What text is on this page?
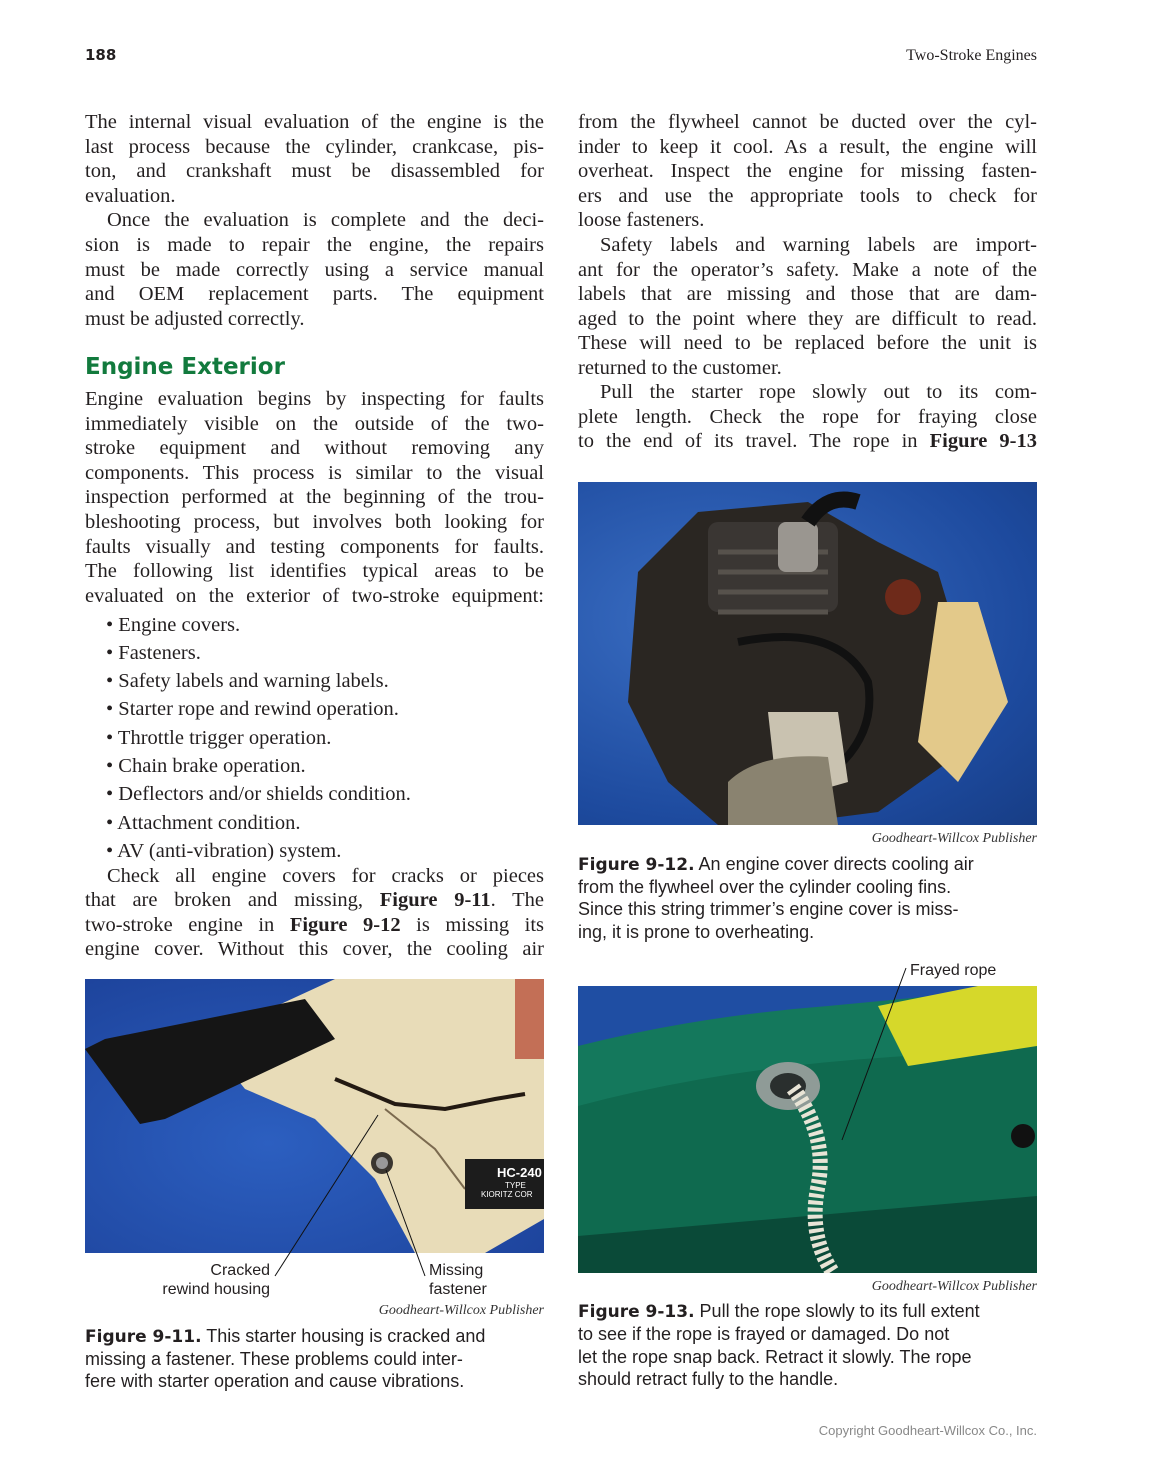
188	Two-Stroke Engines
Engine Exterior
Goodheart-Willcox Publisher
Goodheart-Willcox Publisher
Frayed rope
HC-240
TYPE
KIORITZ COR
Cracked
rewind housing
Missing
fastener
Goodheart-Willcox Publisher
Copyright Goodheart-Willcox Co., Inc.
The internal visual evaluation of the engine is the
last process because the cylinder, crankcase, pis-
ton, and crankshaft must be disassembled for
evaluation.
Once the evaluation is complete and the deci-
sion is made to repair the engine, the repairs
must be made correctly using a service manual
and OEM replacement parts. The equipment
must be adjusted correctly.
Engine evaluation begins by inspecting for faults
immediately visible on the outside of the two-
stroke equipment and without removing any
components. This process is similar to the visual
inspection performed at the beginning of the trou-
bleshooting process, but involves both looking for
faults visually and testing components for faults.
The following list identifies typical areas to be
evaluated on the exterior of two-stroke equipment:
• Engine covers.
• Fasteners.
• Safety labels and warning labels.
• Starter rope and rewind operation.
• Throttle trigger operation.
• Chain brake operation.
• Deflectors and/or shields condition.
• Attachment condition.
• AV (anti-vibration) system.
Check all engine covers for cracks or pieces
that are broken and missing, Figure 9-11. The
two-stroke engine in Figure 9-12 is missing its
engine cover. Without this cover, the cooling air
from the flywheel cannot be ducted over the cyl-
inder to keep it cool. As a result, the engine will
overheat. Inspect the engine for missing fasten-
ers and use the appropriate tools to check for
loose fasteners.
Safety labels and warning labels are import-
ant for the operator’s safety. Make a note of the
labels that are missing and those that are dam-
aged to the point where they are difficult to read.
These will need to be replaced before the unit is
returned to the customer.
Pull the starter rope slowly out to its com-
plete length. Check the rope for fraying close
to the end of its travel. The rope in Figure 9-13
Figure 9-11. This starter housing is cracked and
missing a fastener. These problems could inter-
fere with starter operation and cause vibrations.
Figure 9-12. An engine cover directs cooling air
from the flywheel over the cylinder cooling fins.
Since this string trimmer’s engine cover is miss-
ing, it is prone to overheating.
Figure 9-13. Pull the rope slowly to its full extent
to see if the rope is frayed or damaged. Do not
let the rope snap back. Retract it slowly. The rope
should retract fully to the handle.
